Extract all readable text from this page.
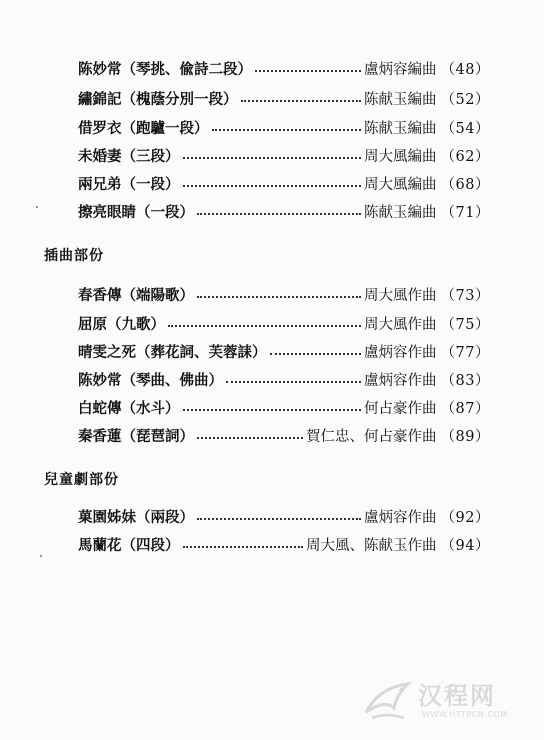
陈妙常（琴挑、偸詩二段）	盧炳容編曲 （48）
繡錦記（槐蔭分別一段）	陈献玉編曲 （52）
借罗衣（跑驢一段）	陈献玉編曲 （54）
未婚妻（三段）	周大風編曲 （62）
兩兄弟（一段）	周大風編曲 （68）
擦亮眼睛（一段）	陈献玉編曲 （71）
插曲部份
春香傳（端陽歌）	周大風作曲 （73）
屈原（九歌）	周大風作曲 （75）
晴雯之死（葬花詞、芙蓉誄）	盧炳容作曲 （77）
陈妙常（琴曲、佛曲）	盧炳容作曲 （83）
白蛇傳（水斗）	何占豪作曲 （87）
秦香蓮（琵琶詞）	賀仁忠、何占豪作曲 （89）
兒童劇部份
菓園姊妹（兩段）	盧炳容作曲 （92）
馬蘭花（四段）	周大風、陈献玉作曲 （94）
汉程网
WWW.HTTPCN.COM
